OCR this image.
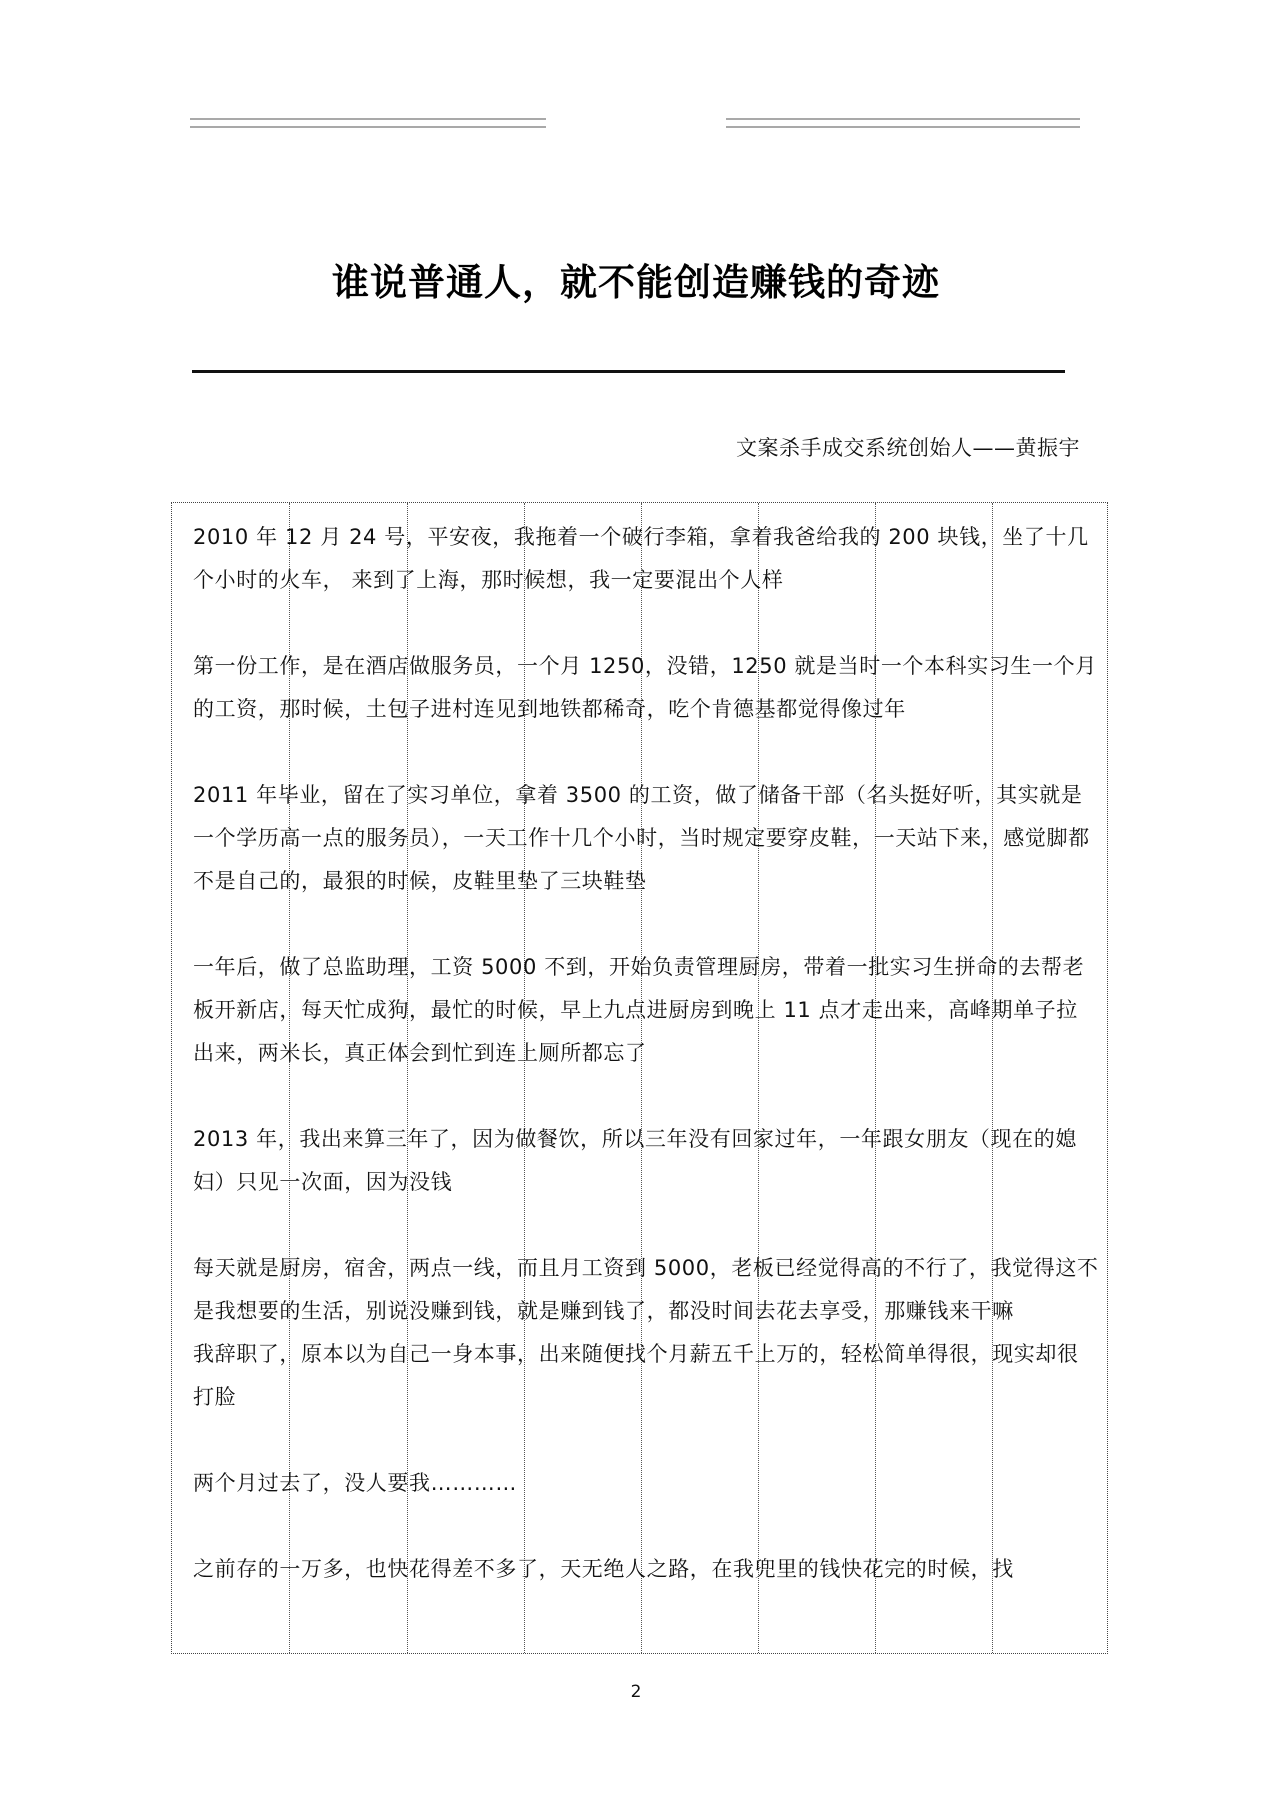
谁说普通人，就不能创造赚钱的奇迹
文案杀手成交系统创始人——黄振宇

2010 年 12 月 24 号，平安夜，我拖着一个破行李箱，拿着我爸给我的 200 块钱，坐了十几个小时的火车， 来到了上海，那时候想，我一定要混出个人样

第一份工作，是在酒店做服务员，一个月 1250，没错，1250 就是当时一个本科实习生一个月的工资，那时候，土包子进村连见到地铁都稀奇，吃个肯德基都觉得像过年

2011 年毕业，留在了实习单位，拿着 3500 的工资，做了储备干部（名头挺好听，其实就是一个学历高一点的服务员），一天工作十几个小时，当时规定要穿皮鞋，一天站下来，感觉脚都不是自己的，最狠的时候，皮鞋里垫了三块鞋垫

一年后，做了总监助理，工资 5000 不到，开始负责管理厨房，带着一批实习生拼命的去帮老板开新店，每天忙成狗，最忙的时候，早上九点进厨房到晚上 11 点才走出来，高峰期单子拉出来，两米长，真正体会到忙到连上厕所都忘了

2013 年，我出来算三年了，因为做餐饮，所以三年没有回家过年，一年跟女朋友（现在的媳妇）只见一次面，因为没钱

每天就是厨房，宿舍，两点一线，而且月工资到 5000，老板已经觉得高的不行了，我觉得这不是我想要的生活，别说没赚到钱，就是赚到钱了，都没时间去花去享受，那赚钱来干嘛

我辞职了，原本以为自己一身本事，出来随便找个月薪五千上万的，轻松简单得很，现实却很打脸

两个月过去了，没人要我…………

之前存的一万多，也快花得差不多了，天无绝人之路，在我兜里的钱快花完的时候，找

2
